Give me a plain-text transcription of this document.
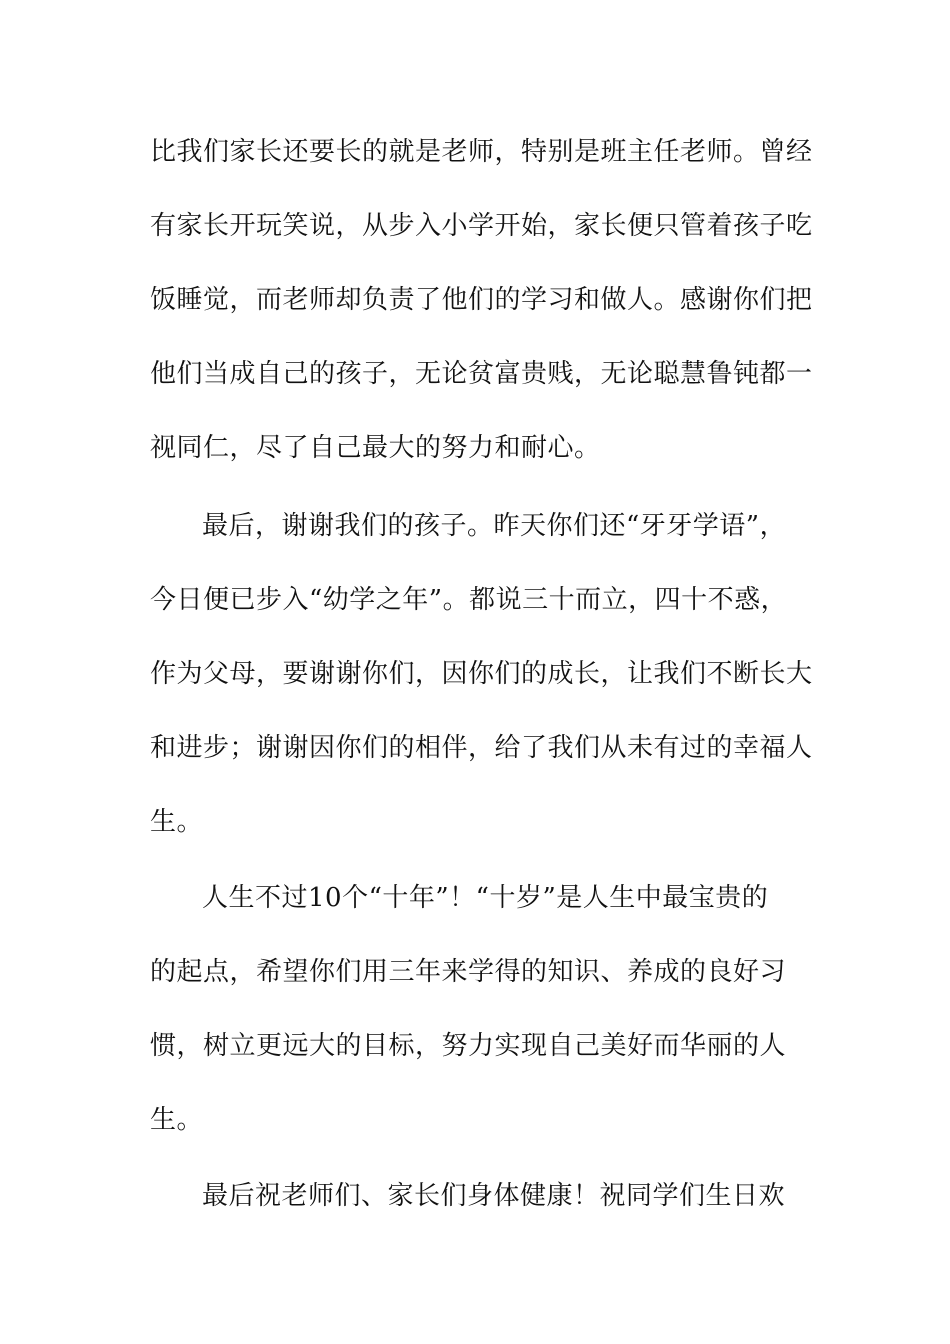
比我们家长还要长的就是老师，特别是班主任老师。曾经
有家长开玩笑说，从步入小学开始，家长便只管着孩子吃
饭睡觉，而老师却负责了他们的学习和做人。感谢你们把
他们当成自己的孩子，无论贫富贵贱，无论聪慧鲁钝都一
视同仁，尽了自己最大的努力和耐心。
最后，谢谢我们的孩子。昨天你们还“牙牙学语”，
今日便已步入“幼学之年”。都说三十而立，四十不惑，
作为父母，要谢谢你们，因你们的成长，让我们不断长大
和进步；谢谢因你们的相伴，给了我们从未有过的幸福人
生。
人生不过10个“十年”！“十岁”是人生中最宝贵的
的起点，希望你们用三年来学得的知识、养成的良好习
惯，树立更远大的目标，努力实现自己美好而华丽的人
生。
最后祝老师们、家长们身体健康！祝同学们生日欢
